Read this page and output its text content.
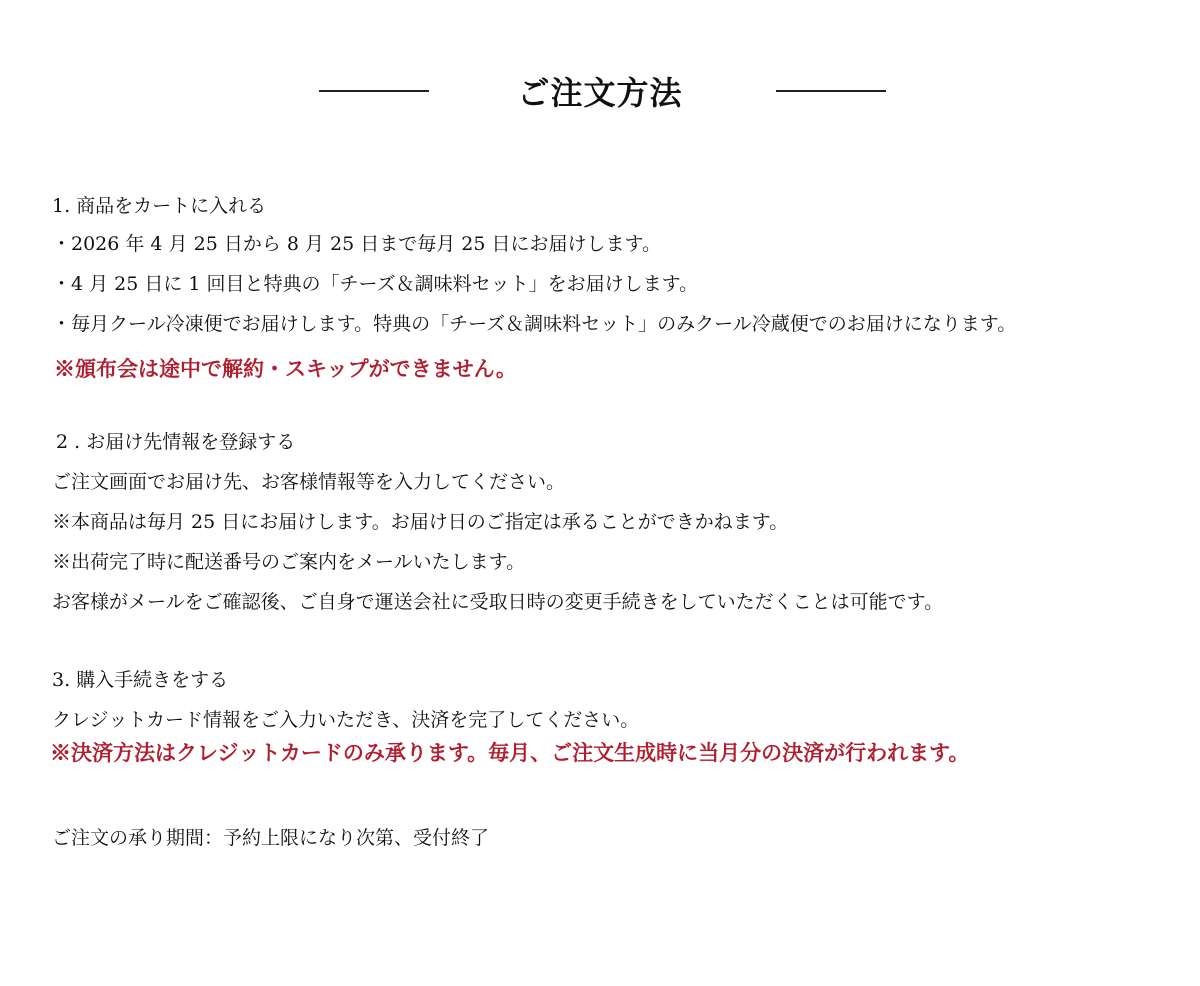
ご注文方法
1. 商品をカートに入れる
・2026 年 4 月 25 日から 8 月 25 日まで毎月 25 日にお届けします。
・4 月 25 日に 1 回目と特典の「チーズ＆調味料セット」をお届けします。
・毎月クール冷凍便でお届けします。特典の「チーズ＆調味料セット」のみクール冷蔵便でのお届けになります。
※頒布会は途中で解約・スキップができません。
2 . お届け先情報を登録する
ご注文画面でお届け先、お客様情報等を入力してください。
※本商品は毎月 25 日にお届けします。お届け日のご指定は承ることができかねます。
※出荷完了時に配送番号のご案内をメールいたします。
お客様がメールをご確認後、ご自身で運送会社に受取日時の変更手続きをしていただくことは可能です。
3. 購入手続きをする
クレジットカード情報をご入力いただき、決済を完了してください。
※決済方法はクレジットカードのみ承ります。毎月、ご注文生成時に当月分の決済が行われます。
ご注文の承り期間：予約上限になり次第、受付終了
